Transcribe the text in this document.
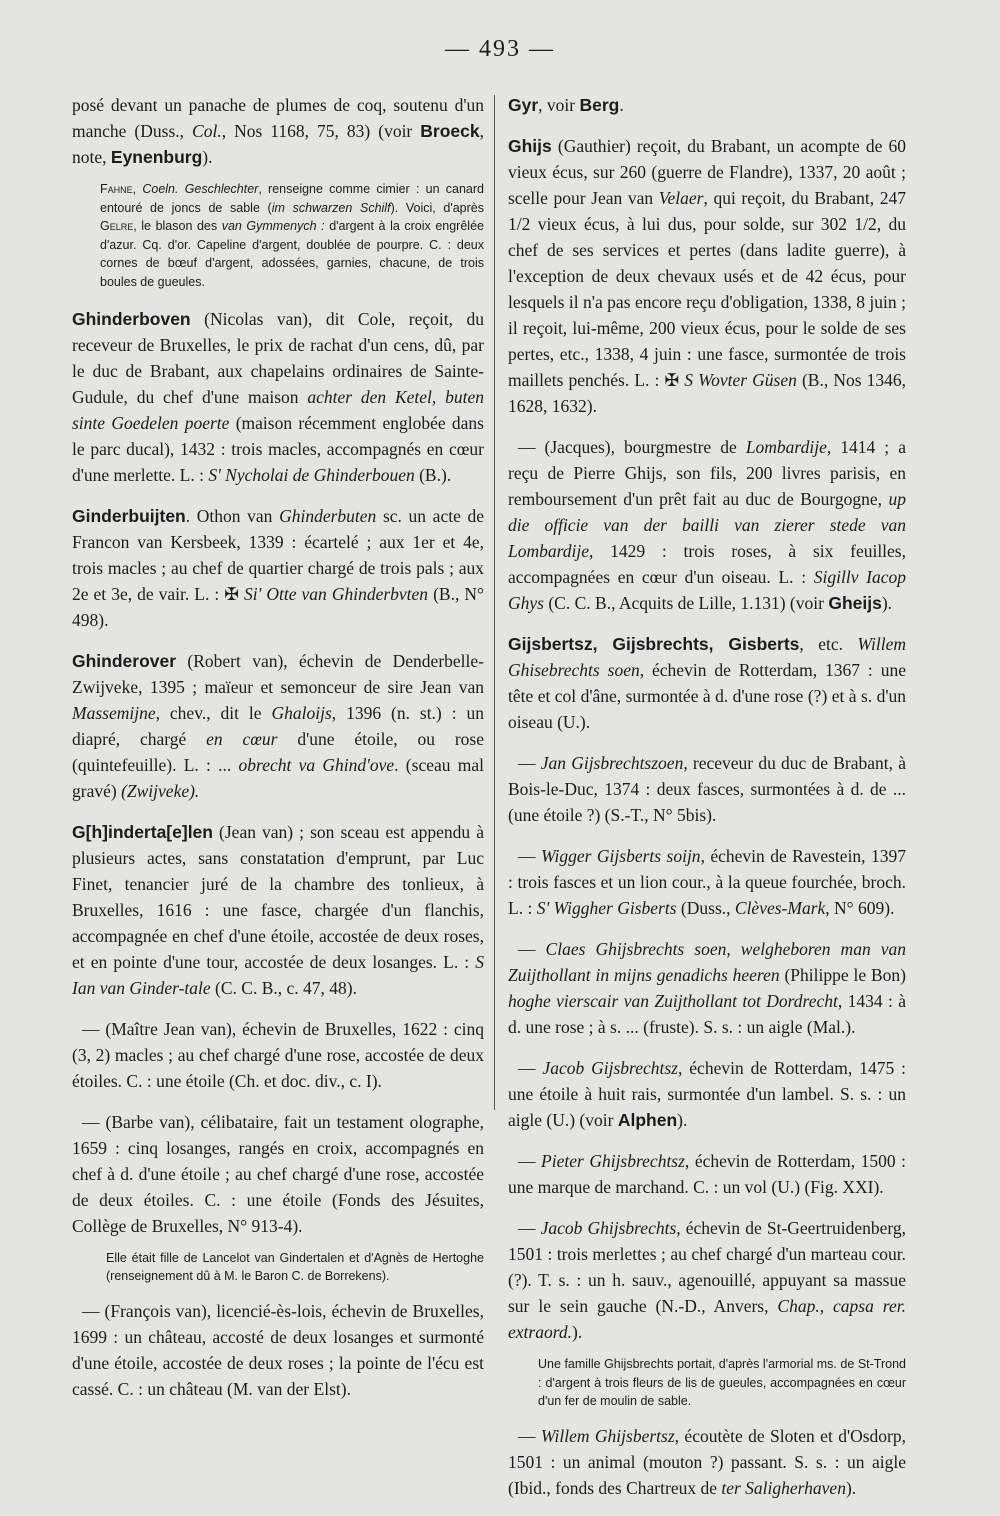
— 493 —

posé devant un panache de plumes de coq, soutenu d'un manche (Duss., Col., Nos 1168, 75, 83) (voir Broeck, note, Eynenburg).

Fahne, Coeln. Geschlechter, renseigne comme cimier : un canard entouré de joncs de sable (im schwarzen Schilf). Voici, d'après Gelre, le blason des van Gymmenych : d'argent à la croix engrêlée d'azur. Cq. d'or. Capeline d'argent, doublée de pourpre. C. : deux cornes de bœuf d'argent, adossées, garnies, chacune, de trois boules de gueules.

Ghinderboven (Nicolas van), dit Cole, reçoit, du receveur de Bruxelles, le prix de rachat d'un cens, dû, par le duc de Brabant, aux chapelains ordinaires de Sainte-Gudule, du chef d'une maison achter den Ketel, buten sinte Goedelen poerte (maison récemment englobée dans le parc ducal), 1432 : trois macles, accompagnés en cœur d'une merlette. L. : S' Nycholai de Ghinderbouen (B.).

Ginderbuijten. Othon van Ghinderbuten sc. un acte de Francon van Kersbeek, 1339 : écartelé ; aux 1er et 4e, trois macles ; au chef de quartier chargé de trois pals ; aux 2e et 3e, de vair. L. : ✠ Si' Otte van Ghinderbvten (B., N° 498).

Ghinderover (Robert van), échevin de Denderbelle-Zwijveke, 1395 ; maïeur et semonceur de sire Jean van Massemijne, chev., dit le Ghaloijs, 1396 (n. st.) : un diapré, chargé en cœur d'une étoile, ou rose (quintefeuille). L. : ... obrecht va Ghind'ove. (sceau mal gravé) (Zwijveke).

G[h]inderta[e]len (Jean van) ; son sceau est appendu à plusieurs actes, sans constatation d'emprunt, par Luc Finet, tenancier juré de la chambre des tonlieux, à Bruxelles, 1616 : une fasce, chargée d'un flanchis, accompagnée en chef d'une étoile, accostée de deux roses, et en pointe d'une tour, accostée de deux losanges. L. : S Ian van Ginder-tale (C. C. B., c. 47, 48).

— (Maître Jean van), échevin de Bruxelles, 1622 : cinq (3, 2) macles ; au chef chargé d'une rose, accostée de deux étoiles. C. : une étoile (Ch. et doc. div., c. I).

— (Barbe van), célibataire, fait un testament olographe, 1659 : cinq losanges, rangés en croix, accompagnés en chef à d. d'une étoile ; au chef chargé d'une rose, accostée de deux étoiles. C. : une étoile (Fonds des Jésuites, Collège de Bruxelles, N° 913-4).

Elle était fille de Lancelot van Gindertalen et d'Agnès de Hertoghe (renseignement dû à M. le Baron C. de Borrekens).

— (François van), licencié-ès-lois, échevin de Bruxelles, 1699 : un château, accosté de deux losanges et surmonté d'une étoile, accostée de deux roses ; la pointe de l'écu est cassé. C. : un château (M. van der Elst).

Gyr, voir Berg.

Ghijs (Gauthier) reçoit, du Brabant, un acompte de 60 vieux écus, sur 260 (guerre de Flandre), 1337, 20 août ; scelle pour Jean van Velaer, qui reçoit, du Brabant, 247 1/2 vieux écus, à lui dus, pour solde, sur 302 1/2, du chef de ses services et pertes (dans ladite guerre), à l'exception de deux chevaux usés et de 42 écus, pour lesquels il n'a pas encore reçu d'obligation, 1338, 8 juin ; il reçoit, lui-même, 200 vieux écus, pour le solde de ses pertes, etc., 1338, 4 juin : une fasce, surmontée de trois maillets penchés. L. : ✠ S Wovter Güsen (B., Nos 1346, 1628, 1632).

— (Jacques), bourgmestre de Lombardije, 1414 ; a reçu de Pierre Ghijs, son fils, 200 livres parisis, en remboursement d'un prêt fait au duc de Bourgogne, up die officie van der bailli van zierer stede van Lombardije, 1429 : trois roses, à six feuilles, accompagnées en cœur d'un oiseau. L. : Sigillv Iacop Ghys (C. C. B., Acquits de Lille, 1.131) (voir Gheijs).

Gijsbertsz, Gijsbrechts, Gisberts, etc. Willem Ghisebrechts soen, échevin de Rotterdam, 1367 : une tête et col d'âne, surmontée à d. d'une rose (?) et à s. d'un oiseau (U.).

— Jan Gijsbrechtszoen, receveur du duc de Brabant, à Bois-le-Duc, 1374 : deux fasces, surmontées à d. de ... (une étoile ?) (S.-T., N° 5bis).

— Wigger Gijsberts soijn, échevin de Ravestein, 1397 : trois fasces et un lion cour., à la queue fourchée, broch. L. : S' Wiggher Gisberts (Duss., Clèves-Mark, N° 609).

— Claes Ghijsbrechts soen, welgheboren man van Zuijthollant in mijns genadichs heeren (Philippe le Bon) hoghe vierscair van Zuijthollant tot Dordrecht, 1434 : à d. une rose ; à s. ... (fruste). S. s. : un aigle (Mal.).

— Jacob Gijsbrechtsz, échevin de Rotterdam, 1475 : une étoile à huit rais, surmontée d'un lambel. S. s. : un aigle (U.) (voir Alphen).

— Pieter Ghijsbrechtsz, échevin de Rotterdam, 1500 : une marque de marchand. C. : un vol (U.) (Fig. XXI).

— Jacob Ghijsbrechts, échevin de St-Geertruidenberg, 1501 : trois merlettes ; au chef chargé d'un marteau cour. (?). T. s. : un h. sauv., agenouillé, appuyant sa massue sur le sein gauche (N.-D., Anvers, Chap., capsa rer. extraord.).

Une famille Ghijsbrechts portait, d'après l'armorial ms. de St-Trond : d'argent à trois fleurs de lis de gueules, accompagnées en cœur d'un fer de moulin de sable.

— Willem Ghijsbertsz, écoutète de Sloten et d'Osdorp, 1501 : un animal (mouton ?) passant. S. s. : un aigle (Ibid., fonds des Chartreux de ter Saligherhaven).
